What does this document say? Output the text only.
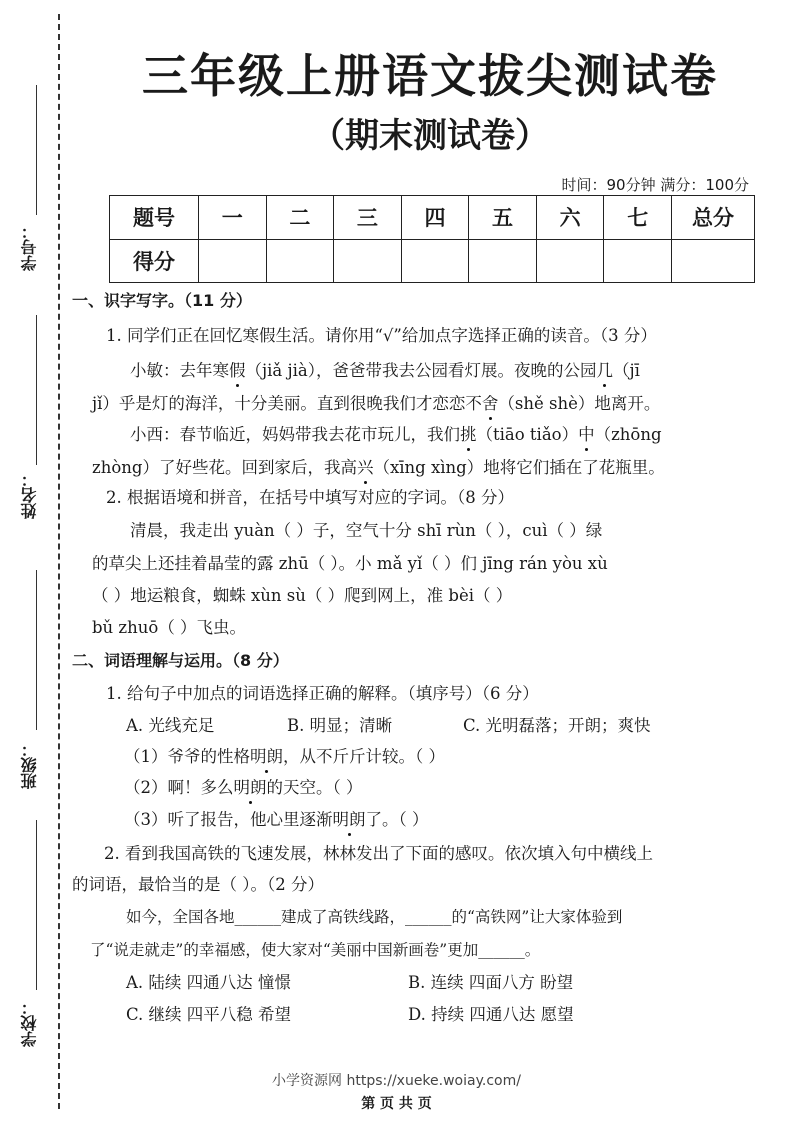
学号：
姓名：
班级：
学校：
三年级上册语文拔尖测试卷
（期末测试卷）
时间：90分钟 满分：100分
题号	一	二	三	四	五	六	七	总分
得分								
一、识字写字。（11 分）
1. 同学们正在回忆寒假生活。请你用“√”给加点字选择正确的读音。（3 分）
小敏：去年寒假（jiǎ jià），爸爸带我去公园看灯展。夜晚的公园几（jī
jǐ）乎是灯的海洋，十分美丽。直到很晚我们才恋恋不舍（shě shè）地离开。
小西：春节临近，妈妈带我去花市玩儿，我们挑（tiāo tiǎo）中（zhōng
zhòng）了好些花。回到家后，我高兴（xīng xìng）地将它们插在了花瓶里。
2. 根据语境和拼音，在括号中填写对应的字词。（8 分）
清晨，我走出 yuàn（ ）子，空气十分 shī rùn（ ），cuì（ ）绿
的草尖上还挂着晶莹的露 zhū（ ）。小 mǎ yǐ（ ）们 jīng rán yòu xù
（ ）地运粮食，蜘蛛 xùn sù（ ）爬到网上，准 bèi（ ）
bǔ zhuō（ ）飞虫。
二、词语理解与运用。（8 分）
1. 给句子中加点的词语选择正确的解释。（填序号）（6 分）
A. 光线充足	B. 明显；清晰	C. 光明磊落；开朗；爽快
（1）爷爷的性格明朗，从不斤斤计较。（ ）
（2）啊！多么明朗的天空。（ ）
（3）听了报告，他心里逐渐明朗了。（ ）
2. 看到我国高铁的飞速发展，林林发出了下面的感叹。依次填入句中横线上
的词语，最恰当的是（ ）。（2 分）
如今，全国各地______建成了高铁线路，______的“高铁网”让大家体验到
了“说走就走”的幸福感，使大家对“美丽中国新画卷”更加______。
A. 陆续 四通八达 憧憬	B. 连续 四面八方 盼望
C. 继续 四平八稳 希望	D. 持续 四通八达 愿望
小学资源网 https://xueke.woiay.com/
第 页 共 页
